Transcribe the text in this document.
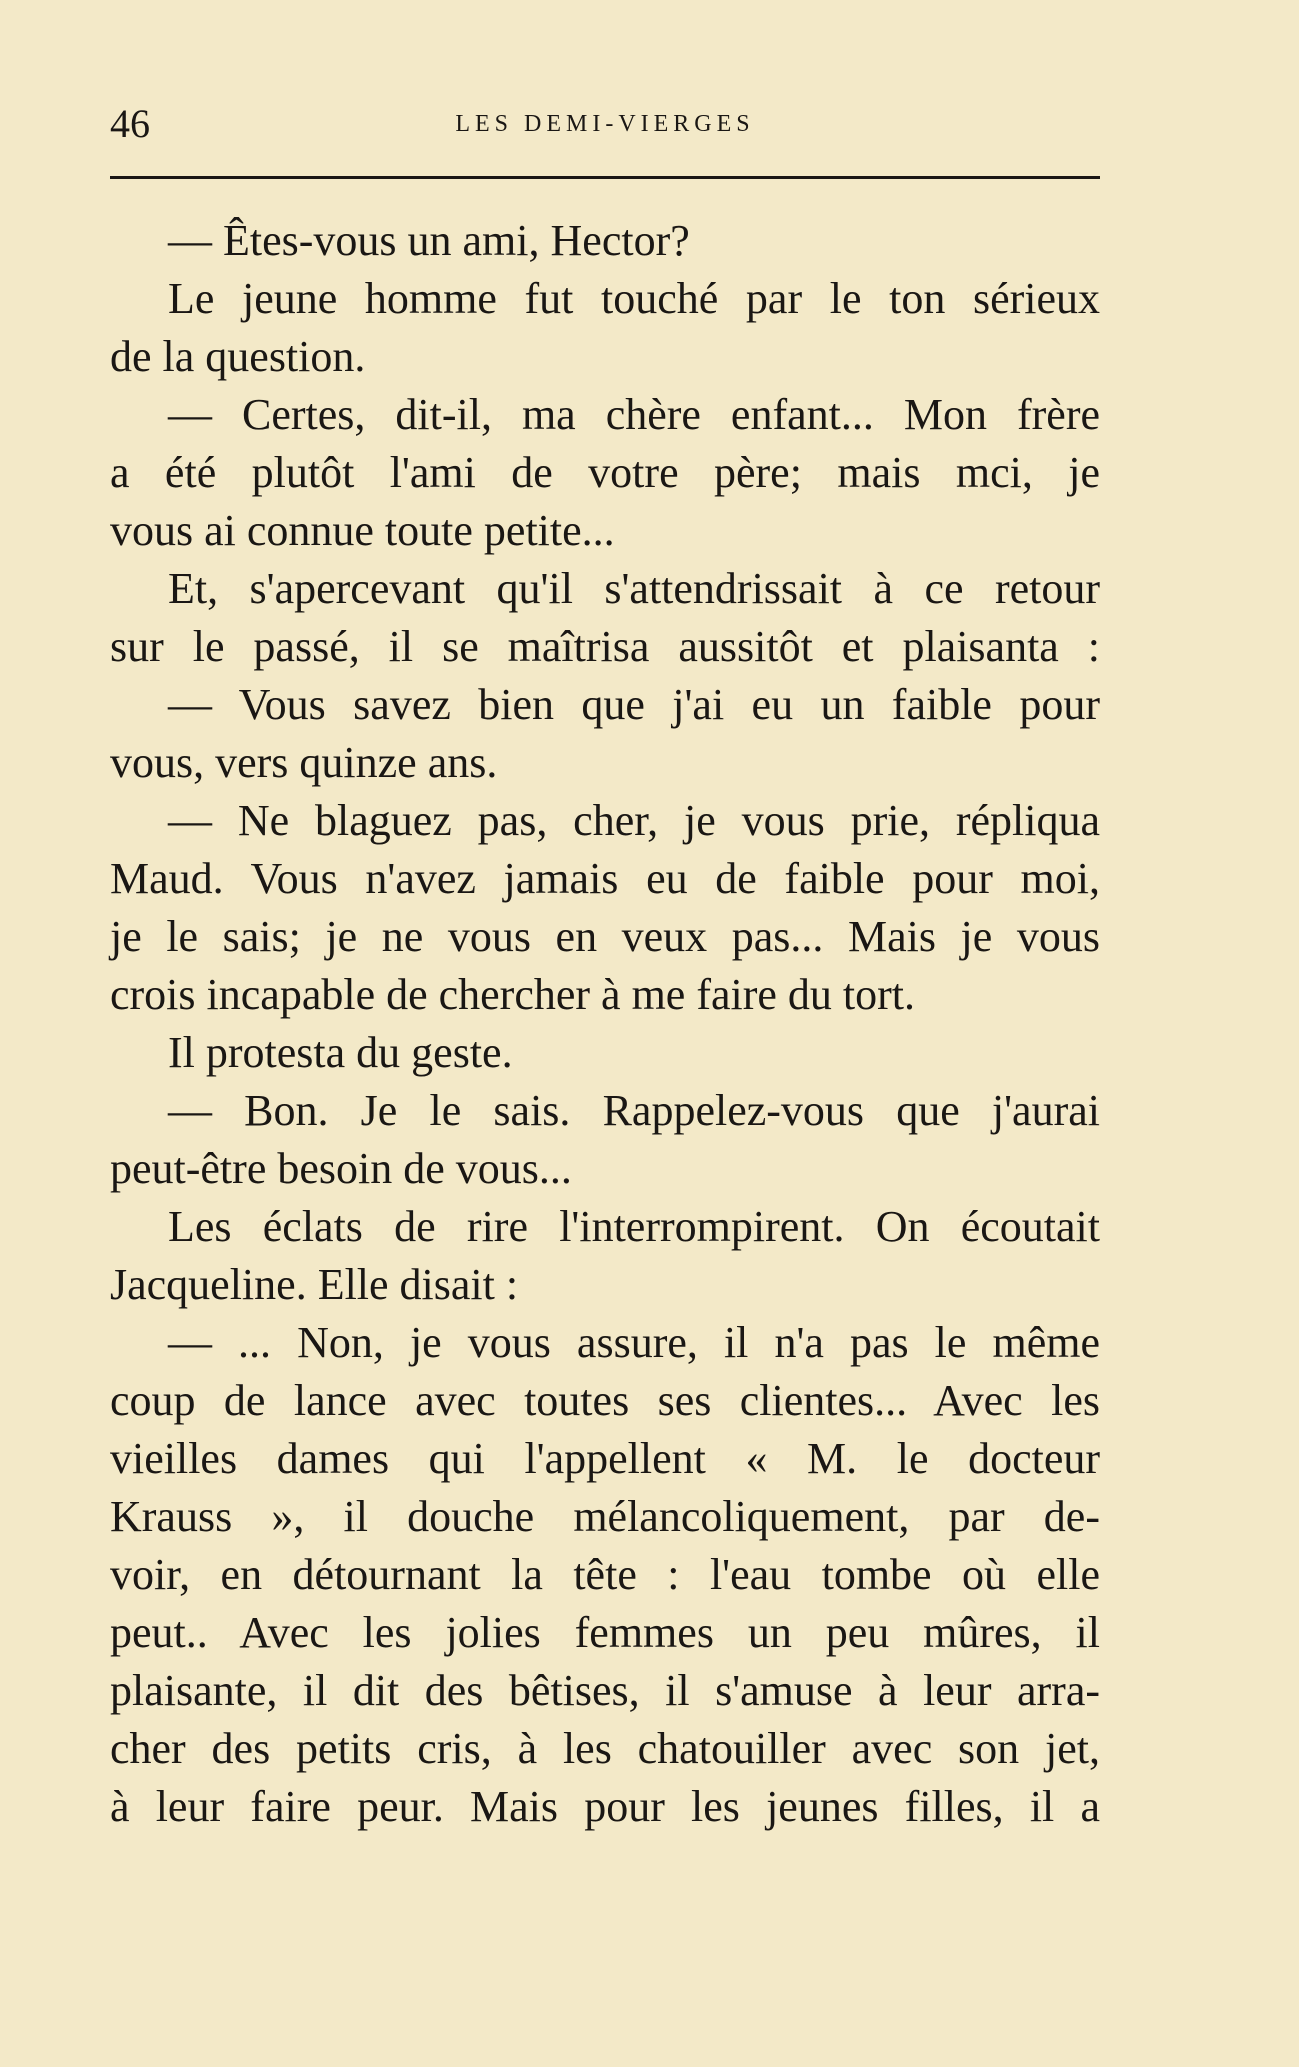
46	LES DEMI-VIERGES
— Êtes-vous un ami, Hector?
Le jeune homme fut touché par le ton sérieux
de la question.
— Certes, dit-il, ma chère enfant... Mon frère
a été plutôt l'ami de votre père; mais mci, je
vous ai connue toute petite...
Et, s'apercevant qu'il s'attendrissait à ce retour
sur le passé, il se maîtrisa aussitôt et plaisanta :
— Vous savez bien que j'ai eu un faible pour
vous, vers quinze ans.
— Ne blaguez pas, cher, je vous prie, répliqua
Maud. Vous n'avez jamais eu de faible pour moi,
je le sais; je ne vous en veux pas... Mais je vous
crois incapable de chercher à me faire du tort.
Il protesta du geste.
— Bon. Je le sais. Rappelez-vous que j'aurai
peut-être besoin de vous...
Les éclats de rire l'interrompirent. On écoutait
Jacqueline. Elle disait :
— ... Non, je vous assure, il n'a pas le même
coup de lance avec toutes ses clientes... Avec les
vieilles dames qui l'appellent « M. le docteur
Krauss », il douche mélancoliquement, par de-
voir, en détournant la tête : l'eau tombe où elle
peut.. Avec les jolies femmes un peu mûres, il
plaisante, il dit des bêtises, il s'amuse à leur arra-
cher des petits cris, à les chatouiller avec son jet,
à leur faire peur. Mais pour les jeunes filles, il a
